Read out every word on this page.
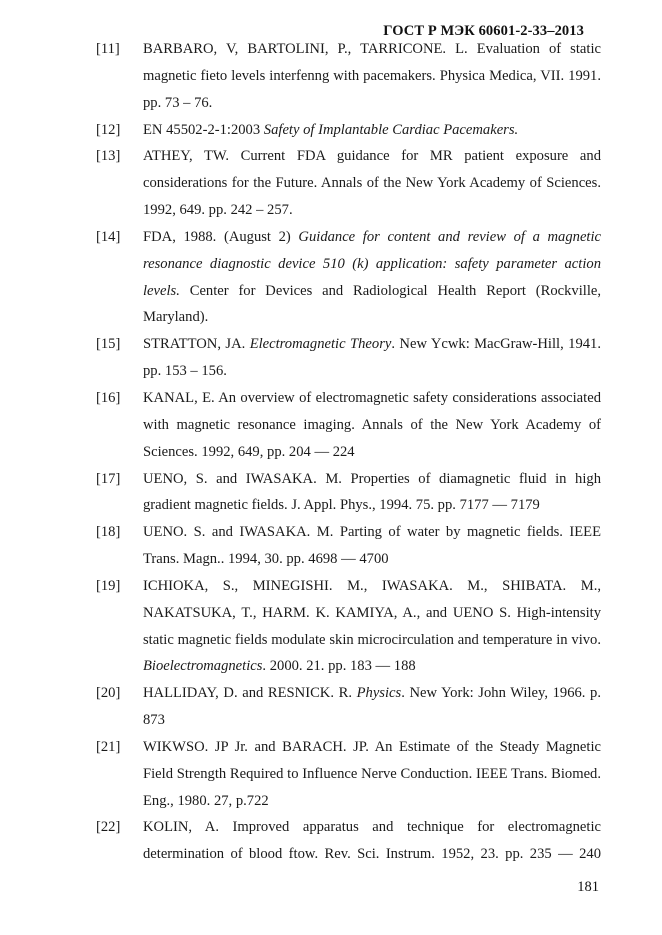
ГОСТ Р МЭК 60601-2-33–2013
[11] BARBARO, V, BARTOLINI, P., TARRICONE. L. Evaluation of static magnetic fieto levels interfenng with pacemakers. Physica Medica, VII. 1991. pp. 73 – 76.
[12] EN 45502-2-1:2003 Safety of Implantable Cardiac Pacemakers.
[13] ATHEY, TW. Current FDA guidance for MR patient exposure and considerations for the Future. Annals of the New York Academy of Sciences. 1992, 649. pp. 242 – 257.
[14] FDA, 1988. (August 2) Guidance for content and review of a magnetic resonance diagnostic device 510 (k) application: safety parameter action levels. Center for Devices and Radiological Health Report (Rockville, Maryland).
[15] STRATTON, JA. Electromagnetic Theory. New Ycwk: MacGraw-Hill, 1941. pp. 153 – 156.
[16] KANAL, E. An overview of electromagnetic safety considerations associated with magnetic resonance imaging. Annals of the New York Academy of Sciences. 1992, 649, pp. 204 — 224
[17] UENO, S. and IWASAKA. M. Properties of diamagnetic fluid in high gradient magnetic fields. J. Appl. Phys., 1994. 75. pp. 7177 — 7179
[18] UENO. S. and IWASAKA. M. Parting of water by magnetic fields. IEEE Trans. Magn.. 1994, 30. pp. 4698 — 4700
[19] ICHIOKA, S., MINEGISHI. M., IWASAKA. M., SHIBATA. M., NAKATSUKA, T., HARM. K. KAMIYA, A., and UENO S. High-intensity static magnetic fields modulate skin microcirculation and temperature in vivo. Bioelectromagnetics. 2000. 21. pp. 183 — 188
[20] HALLIDAY, D. and RESNICK. R. Physics. New York: John Wiley, 1966. p. 873
[21] WIKWSO. JP Jr. and BARACH. JP. An Estimate of the Steady Magnetic Field Strength Required to Influence Nerve Conduction. IEEE Trans. Biomed. Eng., 1980. 27, p.722
[22] KOLIN, A. Improved apparatus and technique for electromagnetic determination of blood ftow. Rev. Sci. Instrum. 1952, 23. pp. 235 — 240
181
